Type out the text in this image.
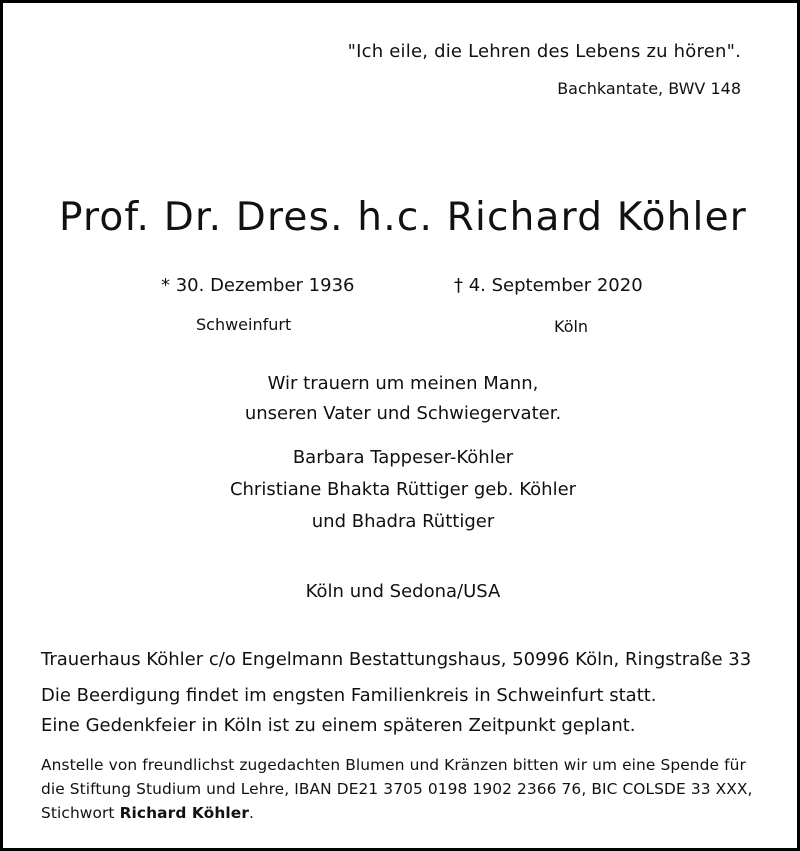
"Ich eile, die Lehren des Lebens zu hören".
Bachkantate, BWV 148
Prof. Dr. Dres. h.c. Richard Köhler
* 30. Dezember 1936
Schweinfurt
† 4. September 2020
Köln
Wir trauern um meinen Mann,
unseren Vater und Schwiegervater.
Barbara Tappeser-Köhler
Christiane Bhakta Rüttiger geb. Köhler
und Bhadra Rüttiger
Köln und Sedona/USA
Trauerhaus Köhler c/o Engelmann Bestattungshaus, 50996 Köln, Ringstraße 33
Die Beerdigung findet im engsten Familienkreis in Schweinfurt statt.
Eine Gedenkfeier in Köln ist zu einem späteren Zeitpunkt geplant.
Anstelle von freundlichst zugedachten Blumen und Kränzen bitten wir um eine Spende für die Stiftung Studium und Lehre, IBAN DE21 3705 0198 1902 2366 76, BIC COLSDE 33 XXX, Stichwort Richard Köhler.
